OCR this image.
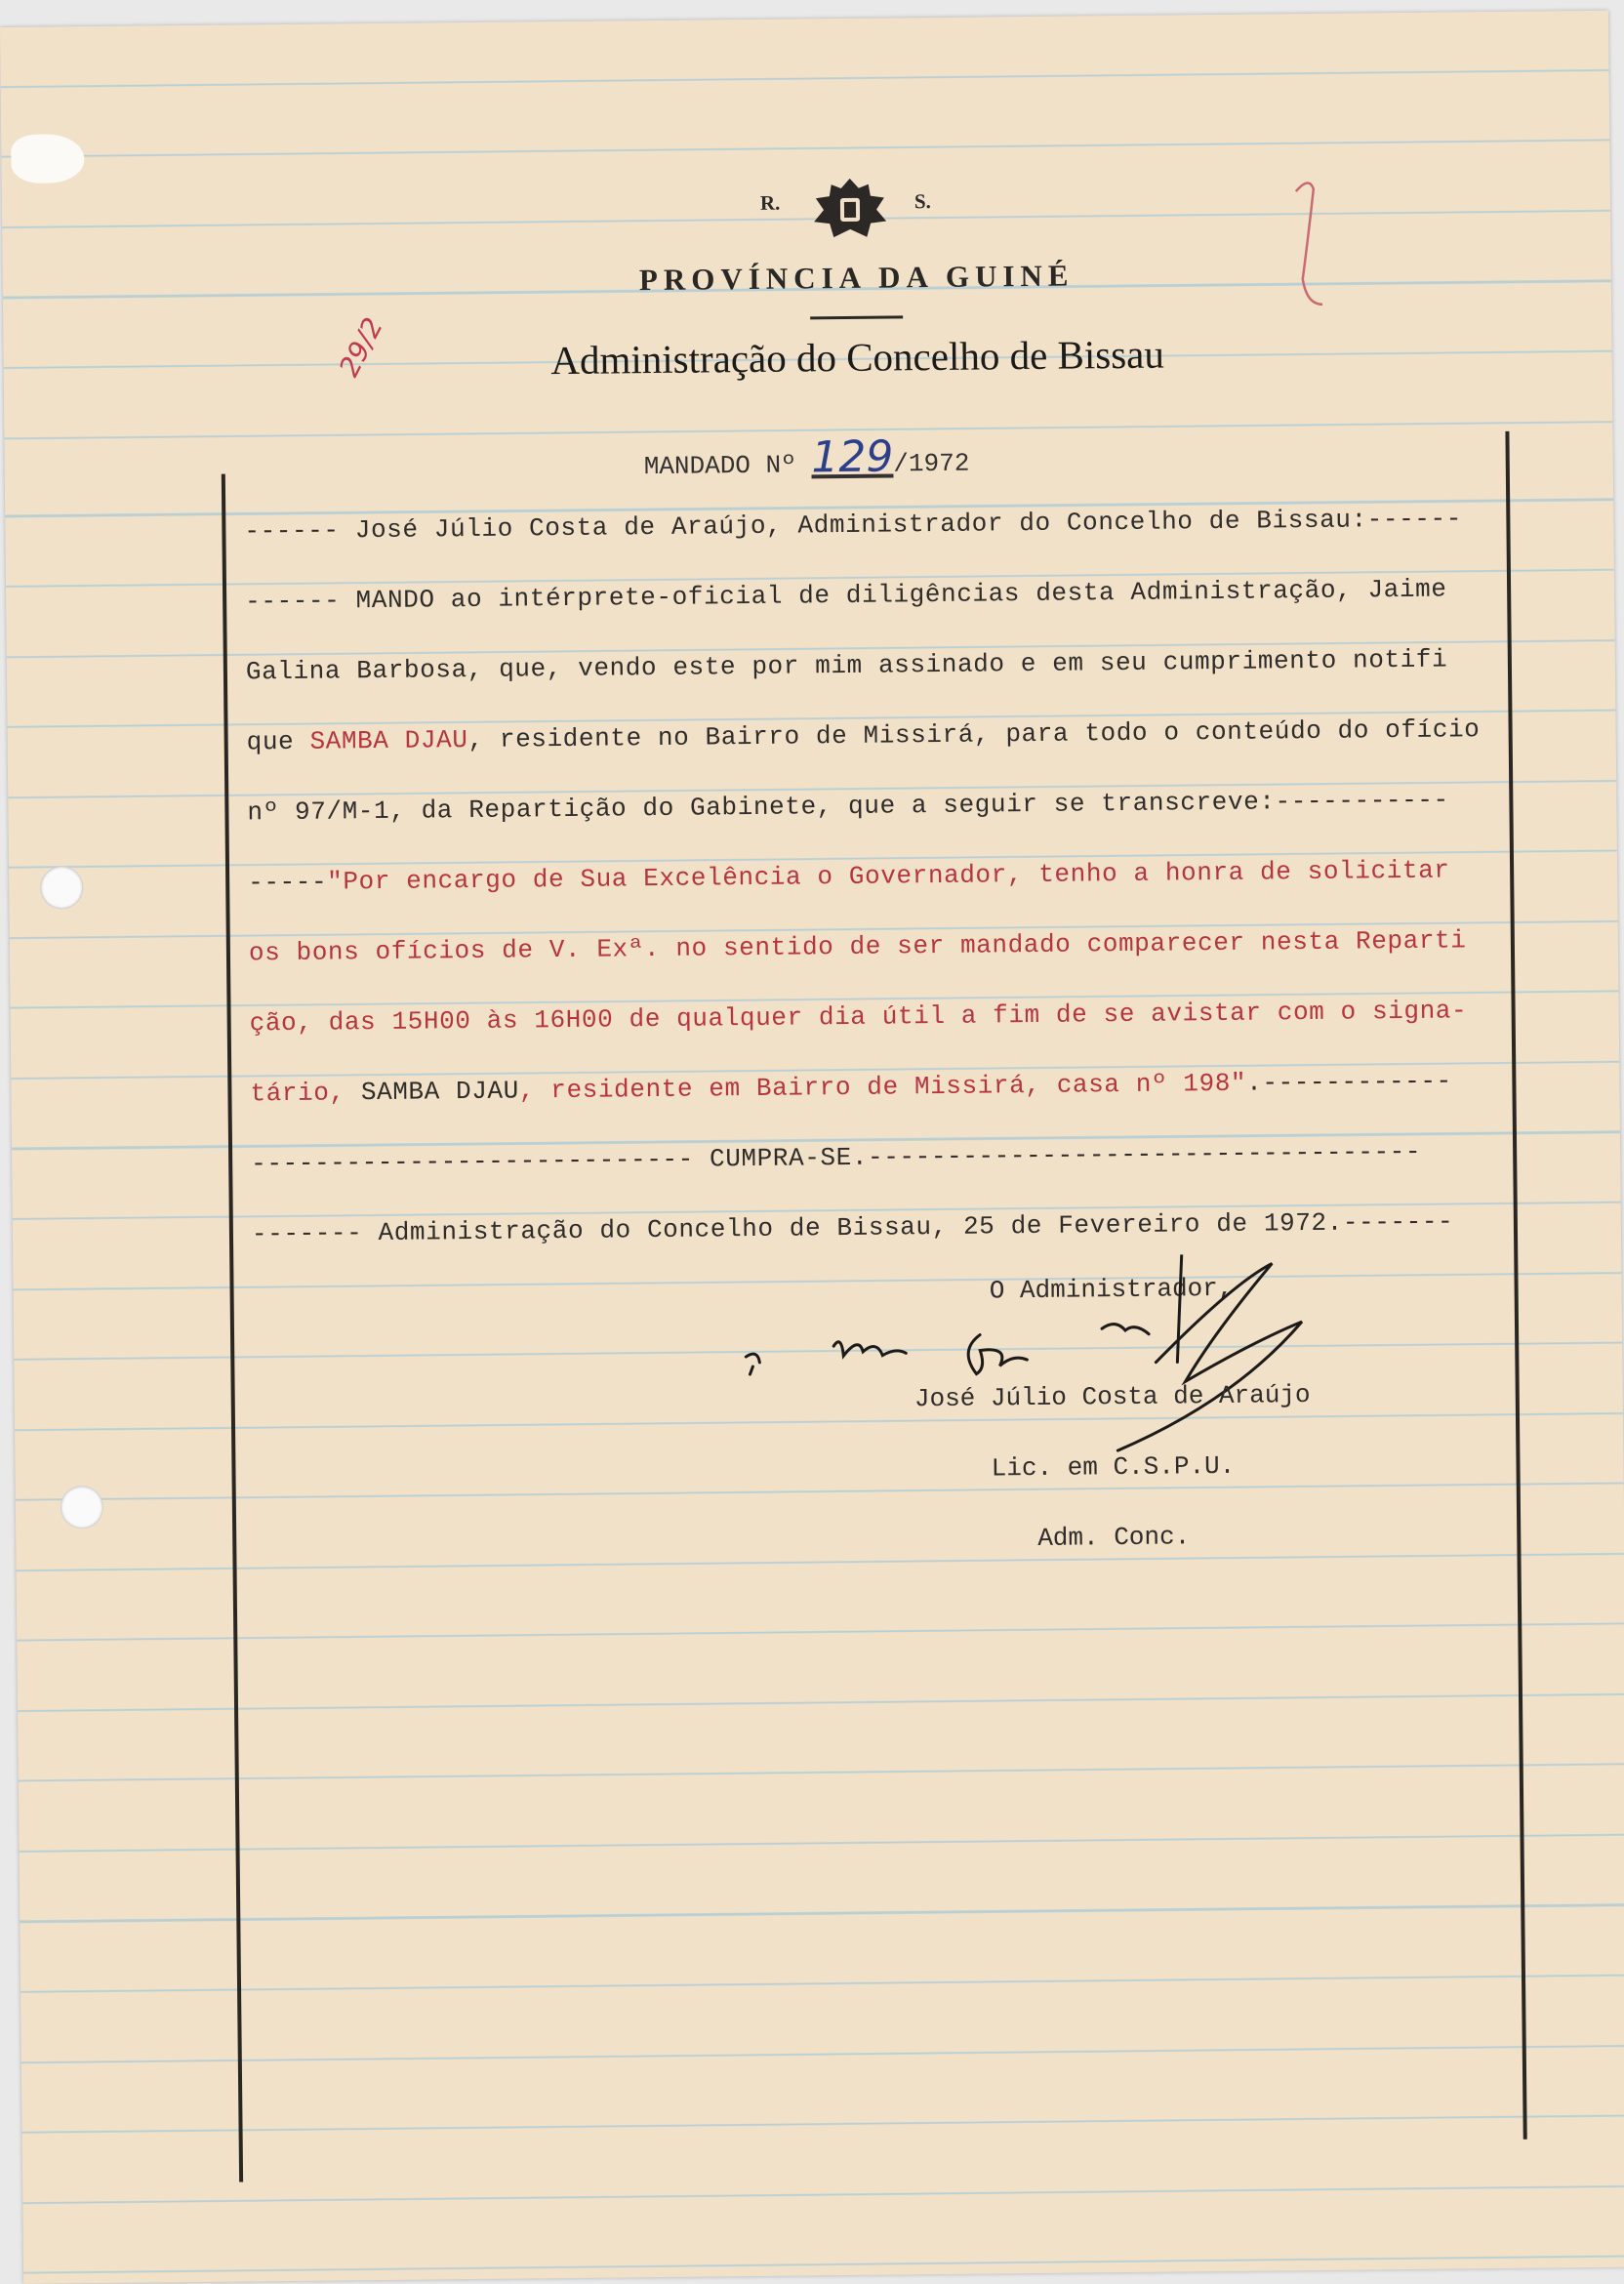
R.	S.
PROVÍNCIA DA GUINÉ
Administração do Concelho de Bissau
29/2
MANDADO Nº 129/1972
------ José Júlio Costa de Araújo, Administrador do Concelho de Bissau:------
------ MANDO ao intérprete-oficial de diligências desta Administração, Jaime
Galina Barbosa, que, vendo este por mim assinado e em seu cumprimento notifi
que SAMBA DJAU, residente no Bairro de Missirá, para todo o conteúdo do ofício
nº 97/M-1, da Repartição do Gabinete, que a seguir se transcreve:-----------
-----"Por encargo de Sua Excelência o Governador, tenho a honra de solicitar
os bons ofícios de V. Exª. no sentido de ser mandado comparecer nesta Reparti
ção, das 15H00 às 16H00 de qualquer dia útil a fim de se avistar com o signa-
tário, SAMBA DJAU, residente em Bairro de Missirá, casa nº 198".------------
---------------------------- CUMPRA-SE.-----------------------------------
------- Administração do Concelho de Bissau, 25 de Fevereiro de 1972.-------
O Administrador,
José Júlio Costa de Araújo
Lic. em C.S.P.U.
Adm. Conc.
